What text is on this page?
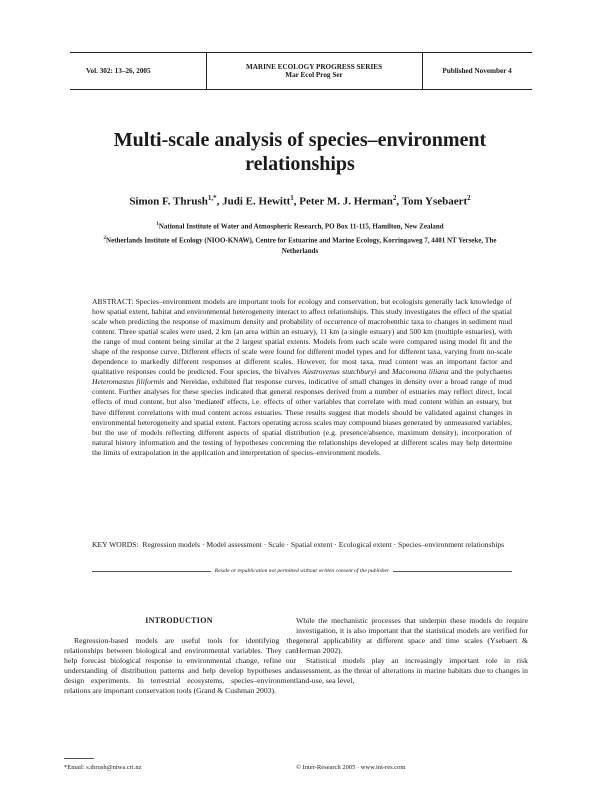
Vol. 302: 13–26, 2005	MARINE ECOLOGY PROGRESS SERIES
Mar Ecol Prog Ser	Published November 4
Multi-scale analysis of species–environment
relationships
Simon F. Thrush$^{1,*}$, Judi E. Hewitt$^1$, Peter M. J. Herman$^2$, Tom Ysebaert$^2$
$^1$National Institute of Water and Atmospheric Research, PO Box 11-115, Hamilton, New Zealand
$^2$Netherlands Institute of Ecology (NIOO-KNAW), Centre for Estuarine and Marine Ecology, Korringaweg 7, 4401 NT Yerseke, The Netherlands

ABSTRACT: Species–environment models are important tools for ecology and conservation, but ecologists generally lack knowledge of how spatial extent, habitat and environmental heterogeneity interact to affect relationships. This study investigates the effect of the spatial scale when predicting the response of maximum density and probability of occurrence of macrobenthic taxa to changes in sediment mud content. Three spatial scales were used, 2 km (an area within an estuary), 11 km (a single estuary) and 500 km (multiple estuaries), with the range of mud content being similar at the 2 largest spatial extents. Models from each scale were compared using model fit and the shape of the response curve. Different effects of scale were found for different model types and for different taxa, varying from no-scale dependence to markedly different responses at different scales. However, for most taxa, mud content was an important factor and qualitative responses could be predicted. Four species, the bivalves Austrovenus stutchburyi and Macomona liliana and the polychaetes Heteromastus filiformis and Nereidae, exhibited flat response curves, indicative of small changes in density over a broad range of mud content. Further analyses for these species indicated that general responses derived from a number of estuaries may reflect direct, local effects of mud content, but also 'mediated' effects, i.e. effects of other variables that correlate with mud content within an estuary, but have different correlations with mud content across estuaries. These results suggest that models should be validated against changes in environmental heterogeneity and spatial extent. Factors operating across scales may compound biases generated by unmeasured variables, but the use of models reflecting different aspects of spatial distribution (e.g. presence/absence, maximum density), incorporation of natural history information and the testing of hypotheses concerning the relationships developed at different scales may help determine the limits of extrapolation in the application and interpretation of species–environment models.

KEY WORDS: Regression models · Model assessment · Scale · Spatial extent · Ecological extent · Species–environment relationships

Resale or republication not permitted without written consent of the publisher
INTRODUCTION

Regression-based models are useful tools for identifying the relationships between biological and environmental variables. They can help forecast biological response to environmental change, refine our understanding of distribution patterns and help develop hypotheses and design experiments. In terrestrial ecosystems, species–environment relations are important conservation tools (Grand & Cushman 2003).

While the mechanistic processes that underpin these models do require investigation, it is also important that the statistical models are verified for general applicability at different space and time scales (Ysebaert & Herman 2002).

Statistical models play an increasingly important role in risk assessment, as the threat of alterations in marine habitats due to changes in land-use, sea level,

*Email: s.thrush@niwa.cri.nz	© Inter-Research 2005 · www.int-res.com
